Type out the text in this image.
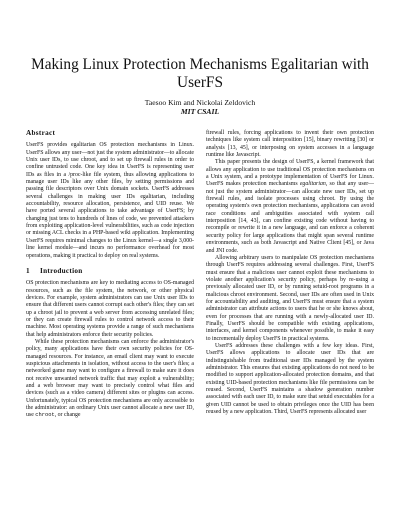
Making Linux Protection Mechanisms Egalitarian with UserFS
Taesoo Kim and Nickolai Zeldovich
MIT CSAIL
Abstract

UserFS provides egalitarian OS protection mechanisms in Linux. UserFS allows any user—not just the system administrator—to allocate Unix user IDs, to use chroot, and to set up firewall rules in order to confine untrusted code. One key idea in UserFS is representing user IDs as files in a /proc-like file system, thus allowing applications to manage user IDs like any other files, by setting permissions and passing file descriptors over Unix domain sockets. UserFS addresses several challenges in making user IDs egalitarian, including accountability, resource allocation, persistence, and UID reuse. We have ported several applications to take advantage of UserFS; by changing just tens to hundreds of lines of code, we prevented attackers from exploiting application-level vulnerabilities, such as code injection or missing ACL checks in a PHP-based wiki application. Implementing UserFS requires minimal changes to the Linux kernel—a single 3,000-line kernel module—and incurs no performance overhead for most operations, making it practical to deploy on real systems.

1 Introduction

OS protection mechanisms are key to mediating access to OS-managed resources, such as the file system, the network, or other physical devices. For example, system administrators can use Unix user IDs to ensure that different users cannot corrupt each other's files; they can set up a chroot jail to prevent a web server from accessing unrelated files; or they can create firewall rules to control network access to their machine. Most operating systems provide a range of such mechanisms that help administrators enforce their security policies.

While these protection mechanisms can enforce the administrator's policy, many applications have their own security policies for OS-managed resources. For instance, an email client may want to execute suspicious attachments in isolation, without access to the user's files; a networked game may want to configure a firewall to make sure it does not receive unwanted network traffic that may exploit a vulnerability; and a web browser may want to precisely control what files and devices (such as a video camera) different sites or plugins can access. Unfortunately, typical OS protection mechanisms are only accessible to the administrator: an ordinary Unix user cannot allocate a new user ID, use chroot, or change

firewall rules, forcing applications to invent their own protection techniques like system call interposition [15], binary rewriting [30] or analysis [13, 45], or interposing on system accesses in a language runtime like Javascript.

This paper presents the design of UserFS, a kernel framework that allows any application to use traditional OS protection mechanisms on a Unix system, and a prototype implementation of UserFS for Linux. UserFS makes protection mechanisms egalitarian, so that any user—not just the system administrator—can allocate new user IDs, set up firewall rules, and isolate processes using chroot. By using the operating system's own protection mechanisms, applications can avoid race conditions and ambiguities associated with system call interposition [14, 43], can confine existing code without having to recompile or rewrite it in a new language, and can enforce a coherent security policy for large applications that might span several runtime environments, such as both Javascript and Native Client [45], or Java and JNI code.

Allowing arbitrary users to manipulate OS protection mechanisms through UserFS requires addressing several challenges. First, UserFS must ensure that a malicious user cannot exploit these mechanisms to violate another application's security policy, perhaps by re-using a previously allocated user ID, or by running setuid-root programs in a malicious chroot environment. Second, user IDs are often used in Unix for accountability and auditing, and UserFS must ensure that a system administrator can attribute actions to users that he or she knows about, even for processes that are running with a newly-allocated user ID. Finally, UserFS should be compatible with existing applications, interfaces, and kernel components whenever possible, to make it easy to incrementally deploy UserFS in practical systems.

UserFS addresses these challenges with a few key ideas. First, UserFS allows applications to allocate user IDs that are indistinguishable from traditional user IDs managed by the system administrator. This ensures that existing applications do not need to be modified to support application-allocated protection domains, and that existing UID-based protection mechanisms like file permissions can be reused. Second, UserFS maintains a shadow generation number associated with each user ID, to make sure that setuid executables for a given UID cannot be used to obtain privileges once the UID has been reused by a new application. Third, UserFS represents allocated user
